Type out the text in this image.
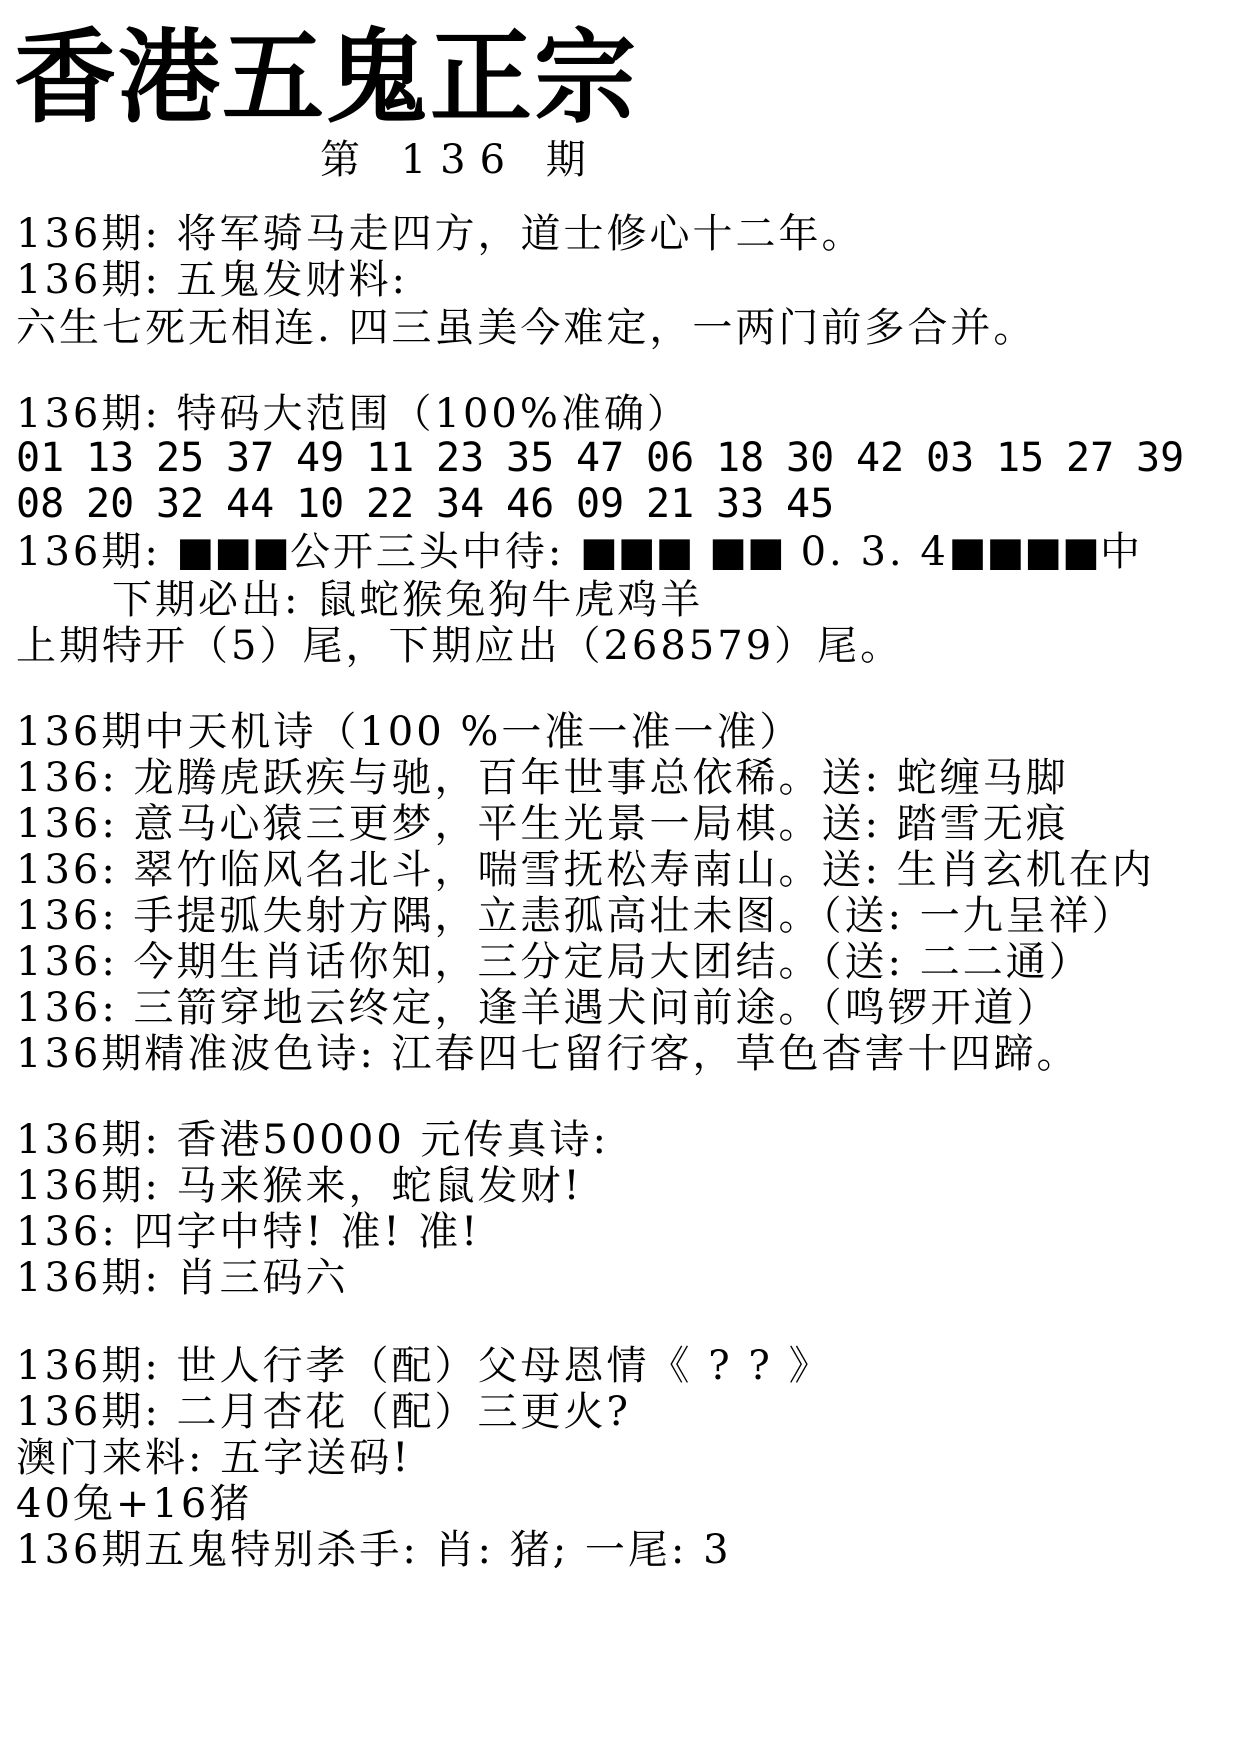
香港五鬼正宗
第 136 期
136期: 将军骑马走四方，道士修心十二年。
136期: 五鬼发财料:
六生七死无相连. 四三虽美今难定，一两门前多合并。
136期: 特码大范围（100%准确）
01 13 25 37 49 11 23 35 47 06 18 30 42 03 15 27 39
08 20 32 44 10 22 34 46 09 21 33 45
136期: ■■■公开三头中待: ■■■ ■■ 0. 3. 4■■■■中
下期必出: 鼠蛇猴兔狗牛虎鸡羊
上期特开（5）尾，下期应出（268579）尾。
136期中天机诗（100 %一准一准一准）
136: 龙腾虎跃疾与驰，百年世事总依稀。送: 蛇缠马脚
136: 意马心猿三更梦，平生光景一局棋。送: 踏雪无痕
136: 翠竹临风名北斗，喘雪抚松寿南山。送: 生肖玄机在内
136: 手提弧失射方隅，立恚孤高壮未图。（送: 一九呈祥）
136: 今期生肖话你知，三分定局大团结。（送: 二二通）
136: 三箭穿地云终定，逢羊遇犬问前途。（鸣锣开道）
136期精准波色诗: 江春四七留行客，草色杳害十四蹄。
136期: 香港50000 元传真诗:
136期: 马来猴来，蛇鼠发财!
136: 四字中特! 准! 准!
136期: 肖三码六
136期: 世人行孝（配）父母恩情《 ? ? 》
136期: 二月杏花（配）三更火?
澳门来料: 五字送码!
40兔+16猪
136期五鬼特别杀手: 肖: 猪; 一尾: 3
